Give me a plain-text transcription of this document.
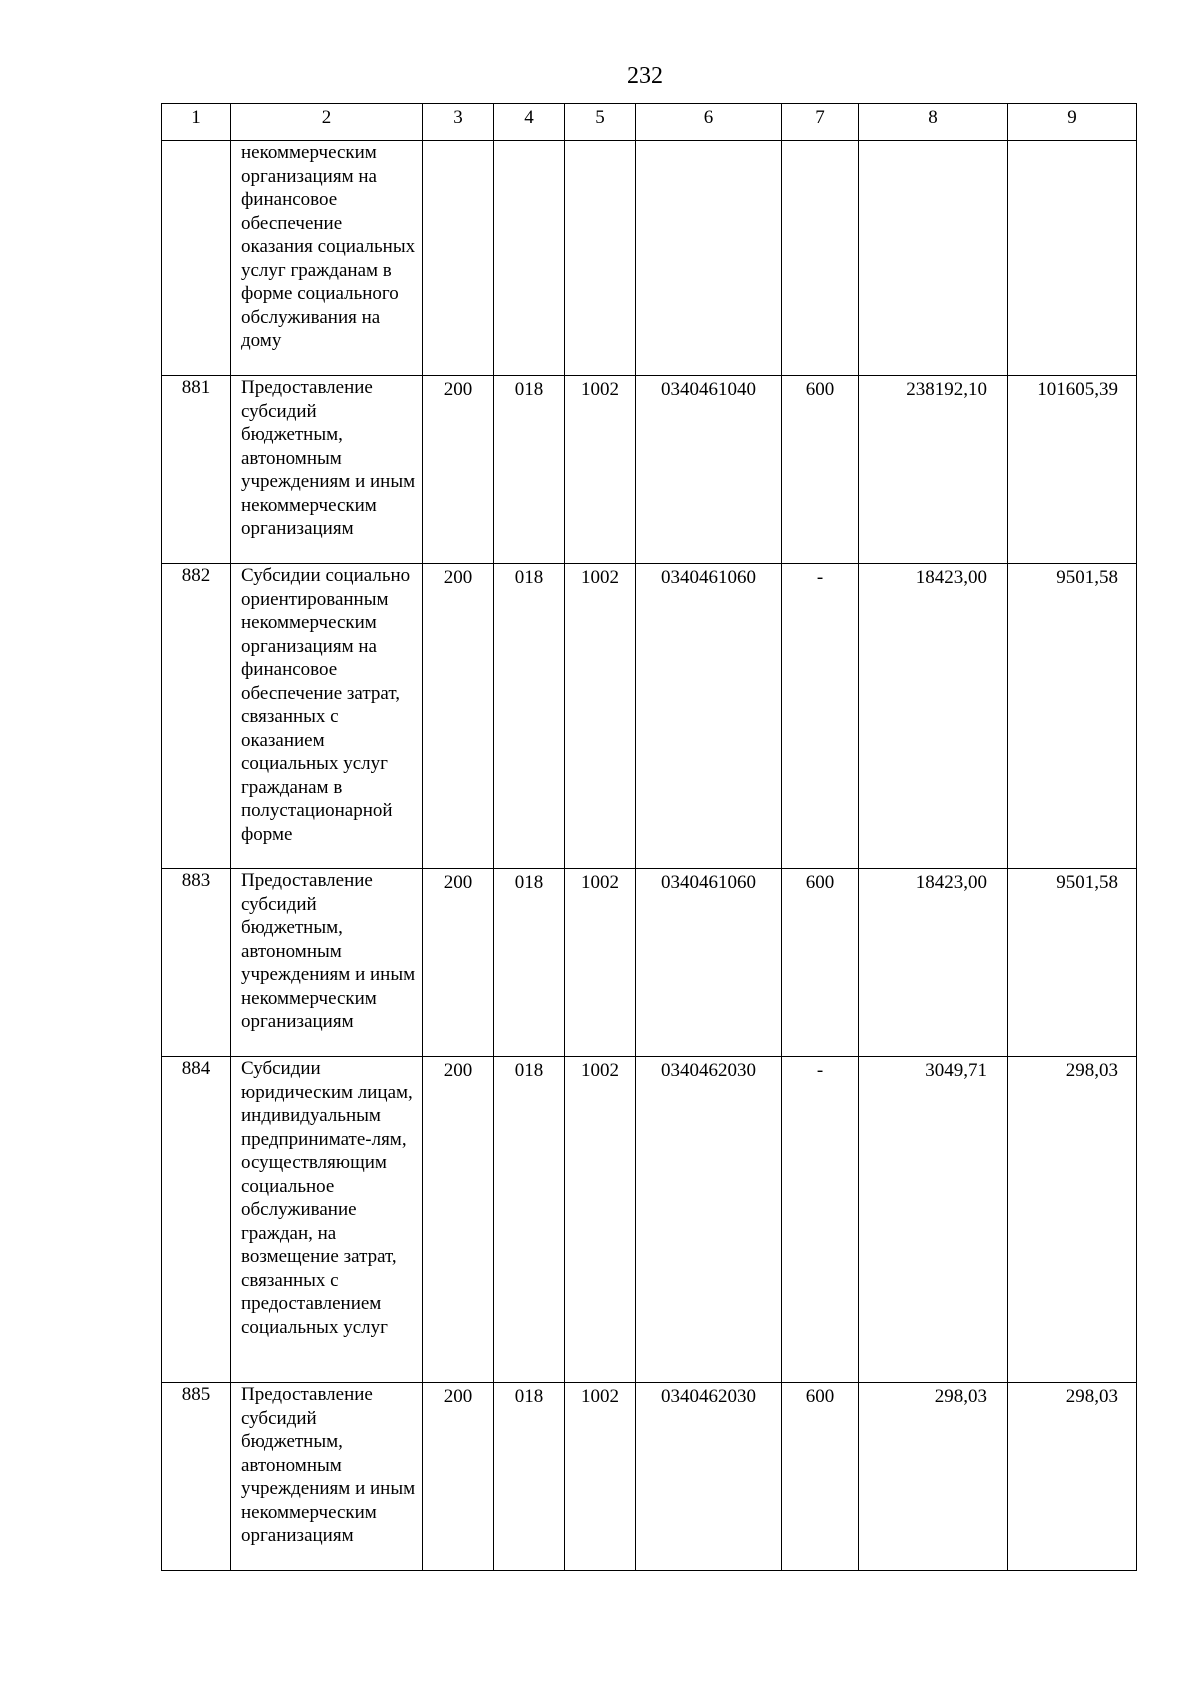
232
1	2	3	4	5	6	7	8	9
	некоммерческим организациям на финансовое обеспечение оказания социальных услуг гражданам в форме социального обслуживания на дому							
881	Предоставление субсидий бюджетным, автономным учреждениям и иным некоммерческим организациям	200	018	1002	0340461040	600	238192,10	101605,39
882	Субсидии социально ориентированным некоммерческим организациям на финансовое обеспечение затрат, связанных с оказанием социальных услуг гражданам в полустационарной форме	200	018	1002	0340461060	-	18423,00	9501,58
883	Предоставление субсидий бюджетным, автономным учреждениям и иным некоммерческим организациям	200	018	1002	0340461060	600	18423,00	9501,58
884	Субсидии юридическим лицам, индивидуальным предпринимате-лям, осуществляющим социальное обслуживание граждан, на возмещение затрат, связанных с предоставлением социальных услуг	200	018	1002	0340462030	-	3049,71	298,03
885	Предоставление субсидий бюджетным, автономным учреждениям и иным некоммерческим организациям	200	018	1002	0340462030	600	298,03	298,03
